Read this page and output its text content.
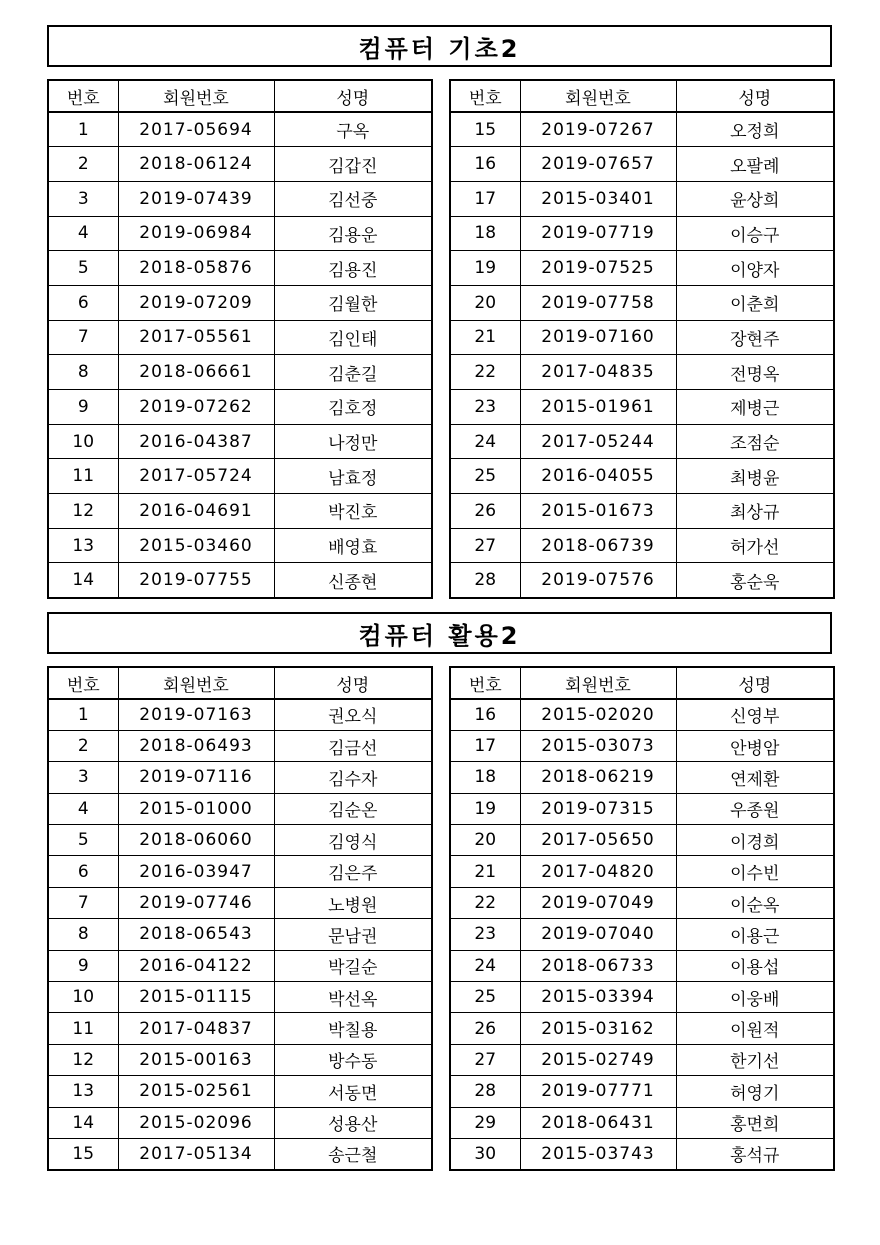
컴퓨터 기초2
번호	회원번호	성명
1	2017-05694	구옥
2	2018-06124	김갑진
3	2019-07439	김선중
4	2019-06984	김용운
5	2018-05876	김용진
6	2019-07209	김월한
7	2017-05561	김인태
8	2018-06661	김춘길
9	2019-07262	김호정
10	2016-04387	나정만
11	2017-05724	남효정
12	2016-04691	박진호
13	2015-03460	배영효
14	2019-07755	신종현
번호	회원번호	성명
15	2019-07267	오정희
16	2019-07657	오팔례
17	2015-03401	윤상희
18	2019-07719	이승구
19	2019-07525	이양자
20	2019-07758	이춘희
21	2019-07160	장현주
22	2017-04835	전명옥
23	2015-01961	제병근
24	2017-05244	조점순
25	2016-04055	최병윤
26	2015-01673	최상규
27	2018-06739	허가선
28	2019-07576	홍순욱
컴퓨터 활용2
번호	회원번호	성명
1	2019-07163	권오식
2	2018-06493	김금선
3	2019-07116	김수자
4	2015-01000	김순온
5	2018-06060	김영식
6	2016-03947	김은주
7	2019-07746	노병원
8	2018-06543	문남권
9	2016-04122	박길순
10	2015-01115	박선옥
11	2017-04837	박칠용
12	2015-00163	방수동
13	2015-02561	서동면
14	2015-02096	성용산
15	2017-05134	송근철
번호	회원번호	성명
16	2015-02020	신영부
17	2015-03073	안병암
18	2018-06219	연제환
19	2019-07315	우종원
20	2017-05650	이경희
21	2017-04820	이수빈
22	2019-07049	이순옥
23	2019-07040	이용근
24	2018-06733	이용섭
25	2015-03394	이웅배
26	2015-03162	이원적
27	2015-02749	한기선
28	2019-07771	허영기
29	2018-06431	홍면희
30	2015-03743	홍석규
